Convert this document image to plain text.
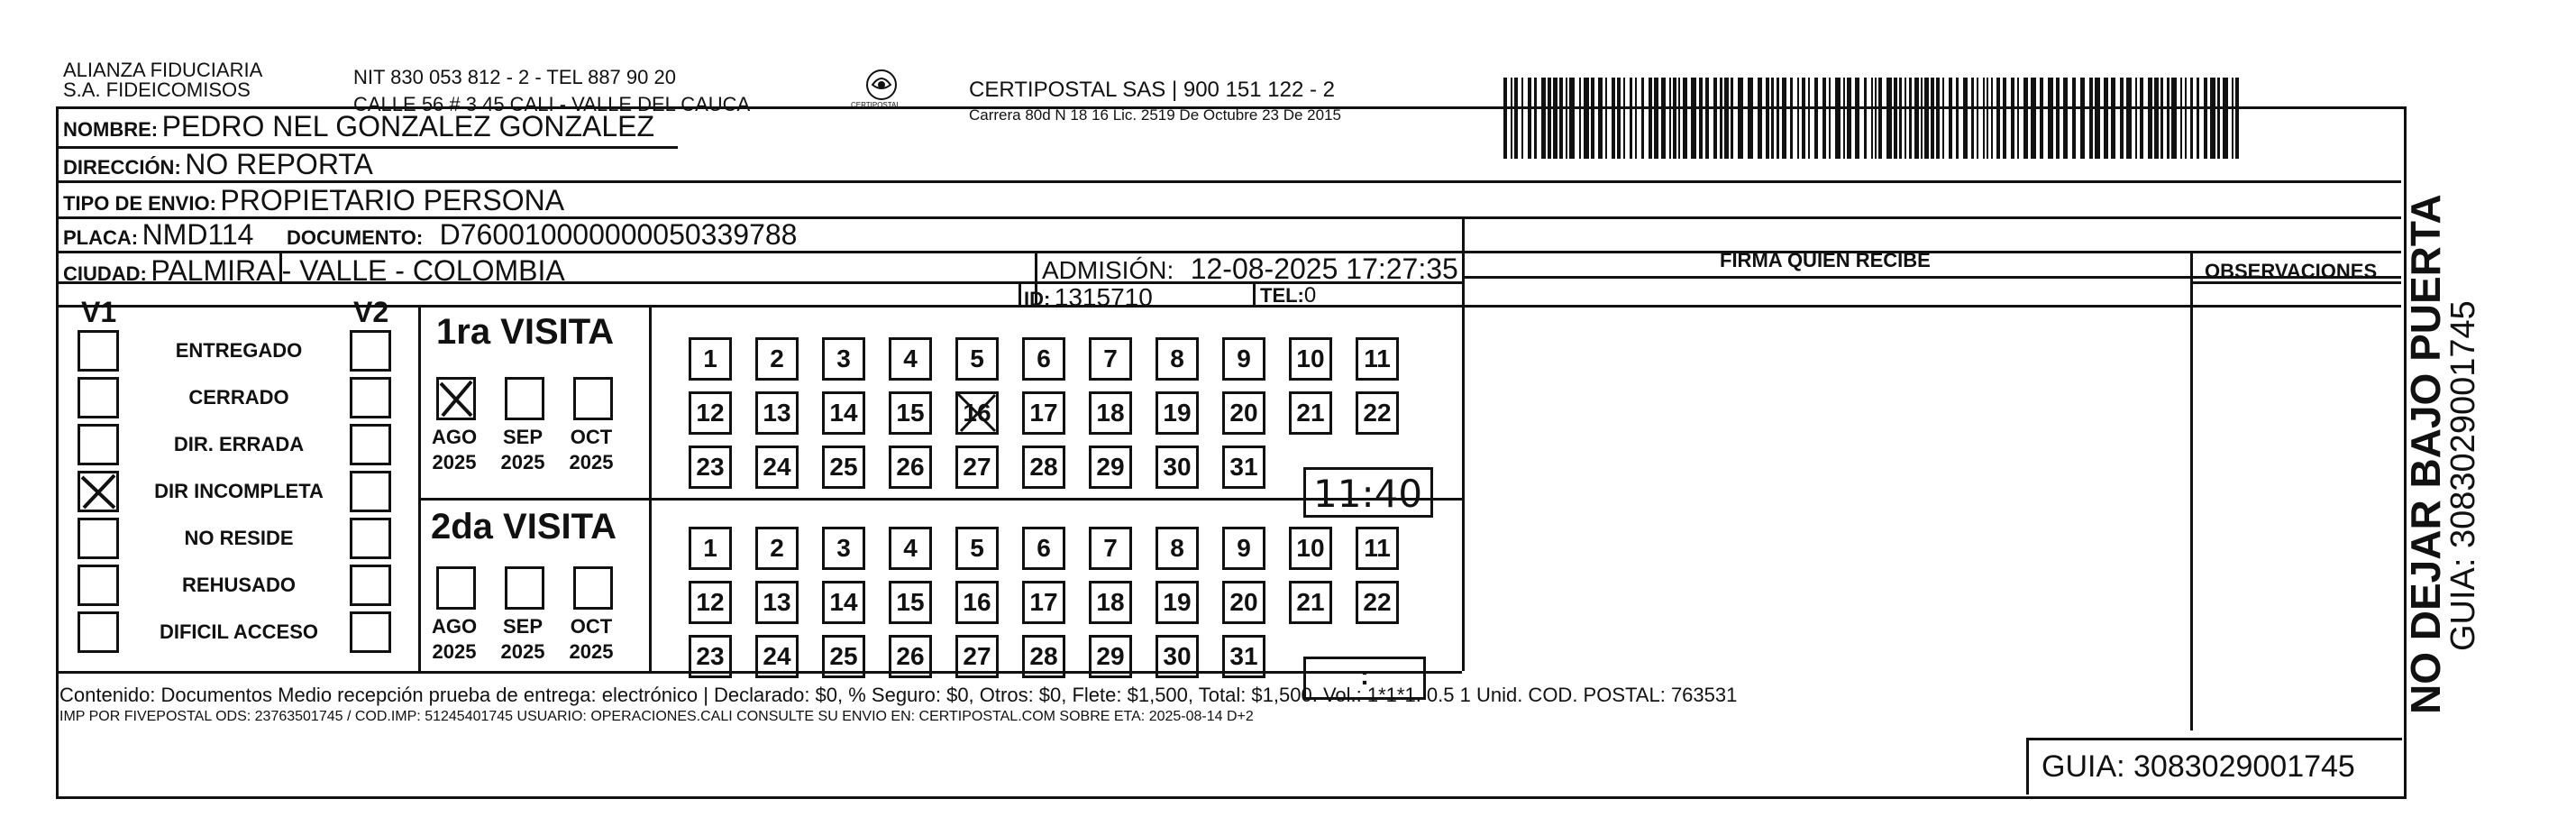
ALIANZA FIDUCIARIA
S.A. FIDEICOMISOS
NIT 830 053 812 - 2 - TEL 887 90 20
CALLE 56 # 3 45 CALI - VALLE DEL CAUCA	CERTIPOSTAL
CERTIPOSTAL SAS | 900 151 122 - 2
Carrera 80d N 18 16 Lic. 2519 De Octubre 23 De 2015
NOMBRE: PEDRO NEL GONZALEZ GONZALEZ
DIRECCIÓN: NO REPORTA
TIPO DE ENVIO: PROPIETARIO PERSONA
PLACA: NMD114 DOCUMENTO: D760010000000050339788
CIUDAD: PALMIRA - VALLE - COLOMBIA	ADMISIÓN: 12-08-2025 17:27:35
ID: 1315710	TEL:0
FIRMA QUIEN RECIBE	OBSERVACIONES
V1	V2
ENTREGADO
CERRADO
DIR. ERRADA
DIR INCOMPLETA
NO RESIDE
REHUSADO
DIFICIL ACCESO
1ra VISITA
2da VISITA
AGO
2025
SEP
2025
OCT
2025
AGO
2025
SEP
2025
OCT
2025
1	2	3	4	5	6	7	8	9	10	11
12	13	14	15	16	17	18	19	20	21	22
23	24	25	26	27	28	29	30	31
1	2	3	4	5	6	7	8	9	10	11
12	13	14	15	16	17	18	19	20	21	22
23	24	25	26	27	28	29	30	31
11:40
:
Contenido: Documentos Medio recepción prueba de entrega: electrónico | Declarado: $0, % Seguro: $0, Otros: $0, Flete: $1,500, Total: $1,500. Vol.: 1*1*1. 0.5 1 Unid. COD. POSTAL: 763531
IMP POR FIVEPOSTAL ODS: 23763501745 / COD.IMP: 51245401745 USUARIO: OPERACIONES.CALI CONSULTE SU ENVIO EN: CERTIPOSTAL.COM SOBRE ETA: 2025-08-14 D+2
GUIA: 3083029001745
NO DEJAR BAJO PUERTA
GUIA: 3083029001745
